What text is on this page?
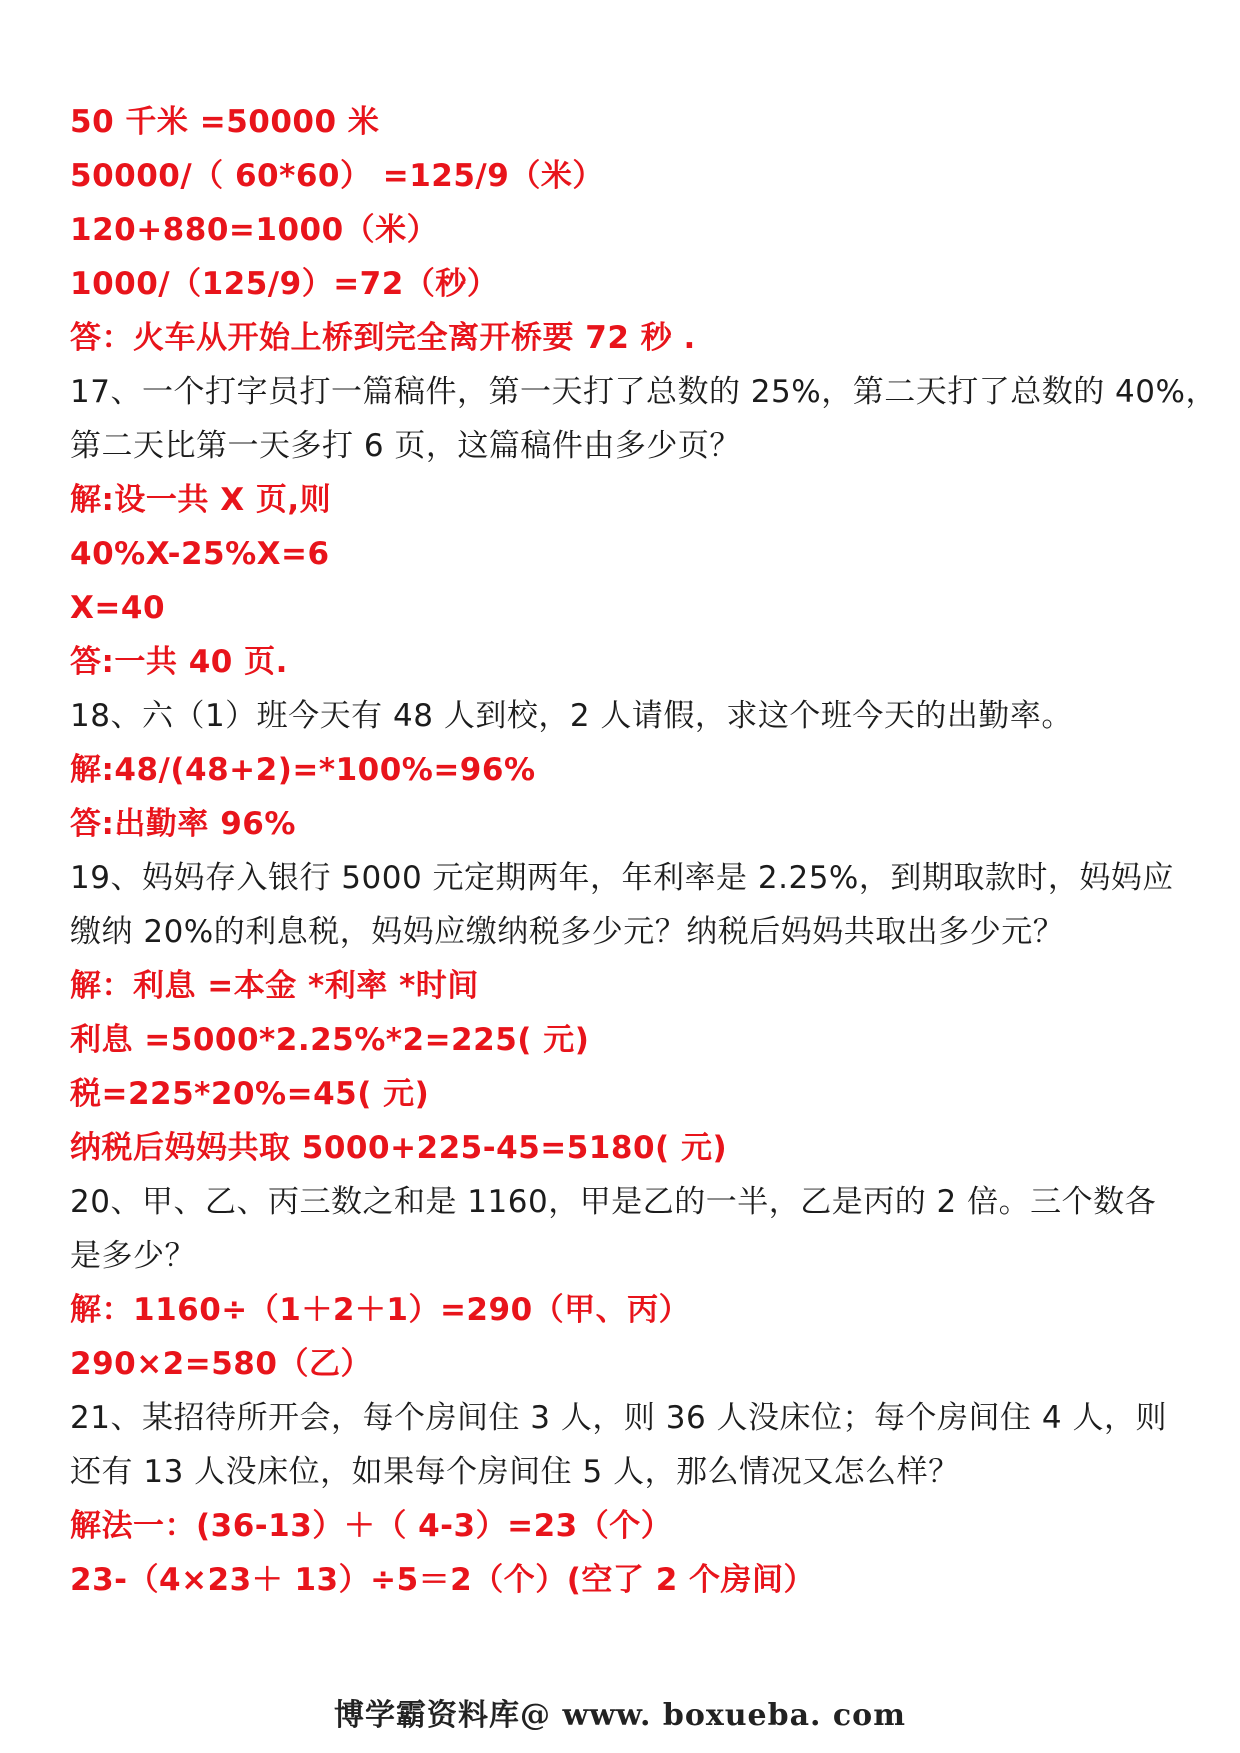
50 千米 =50000 米
50000/（ 60*60） =125/9（米）
120+880=1000（米）
1000/（125/9）=72（秒）
答：火车从开始上桥到完全离开桥要 72 秒 .
17、一个打字员打一篇稿件，第一天打了总数的 25%，第二天打了总数的 40%，
第二天比第一天多打 6 页，这篇稿件由多少页？
解:设一共 X 页,则
40%X-25%X=6
X=40
答:一共 40 页.
18、六（1）班今天有 48 人到校，2 人请假，求这个班今天的出勤率。
解:48/(48+2)=*100%=96%
答:出勤率 96%
19、妈妈存入银行 5000 元定期两年，年利率是 2.25%，到期取款时，妈妈应
缴纳 20%的利息税，妈妈应缴纳税多少元？纳税后妈妈共取出多少元？
解：利息 =本金 *利率 *时间
利息 =5000*2.25%*2=225( 元)
税=225*20%=45( 元)
纳税后妈妈共取 5000+225-45=5180( 元)
20、甲、乙、丙三数之和是 1160，甲是乙的一半，乙是丙的 2 倍。三个数各
是多少？
解：1160÷（1＋2＋1）=290（甲、丙）
290×2=580（乙）
21、某招待所开会，每个房间住 3 人，则 36 人没床位；每个房间住 4 人，则
还有 13 人没床位，如果每个房间住 5 人，那么情况又怎么样？
解法一：(36-13）＋（ 4-3）=23（个）
23-（4×23＋ 13）÷5＝2（个）(空了 2 个房间）
博学霸资料库@ www. boxueba. com
